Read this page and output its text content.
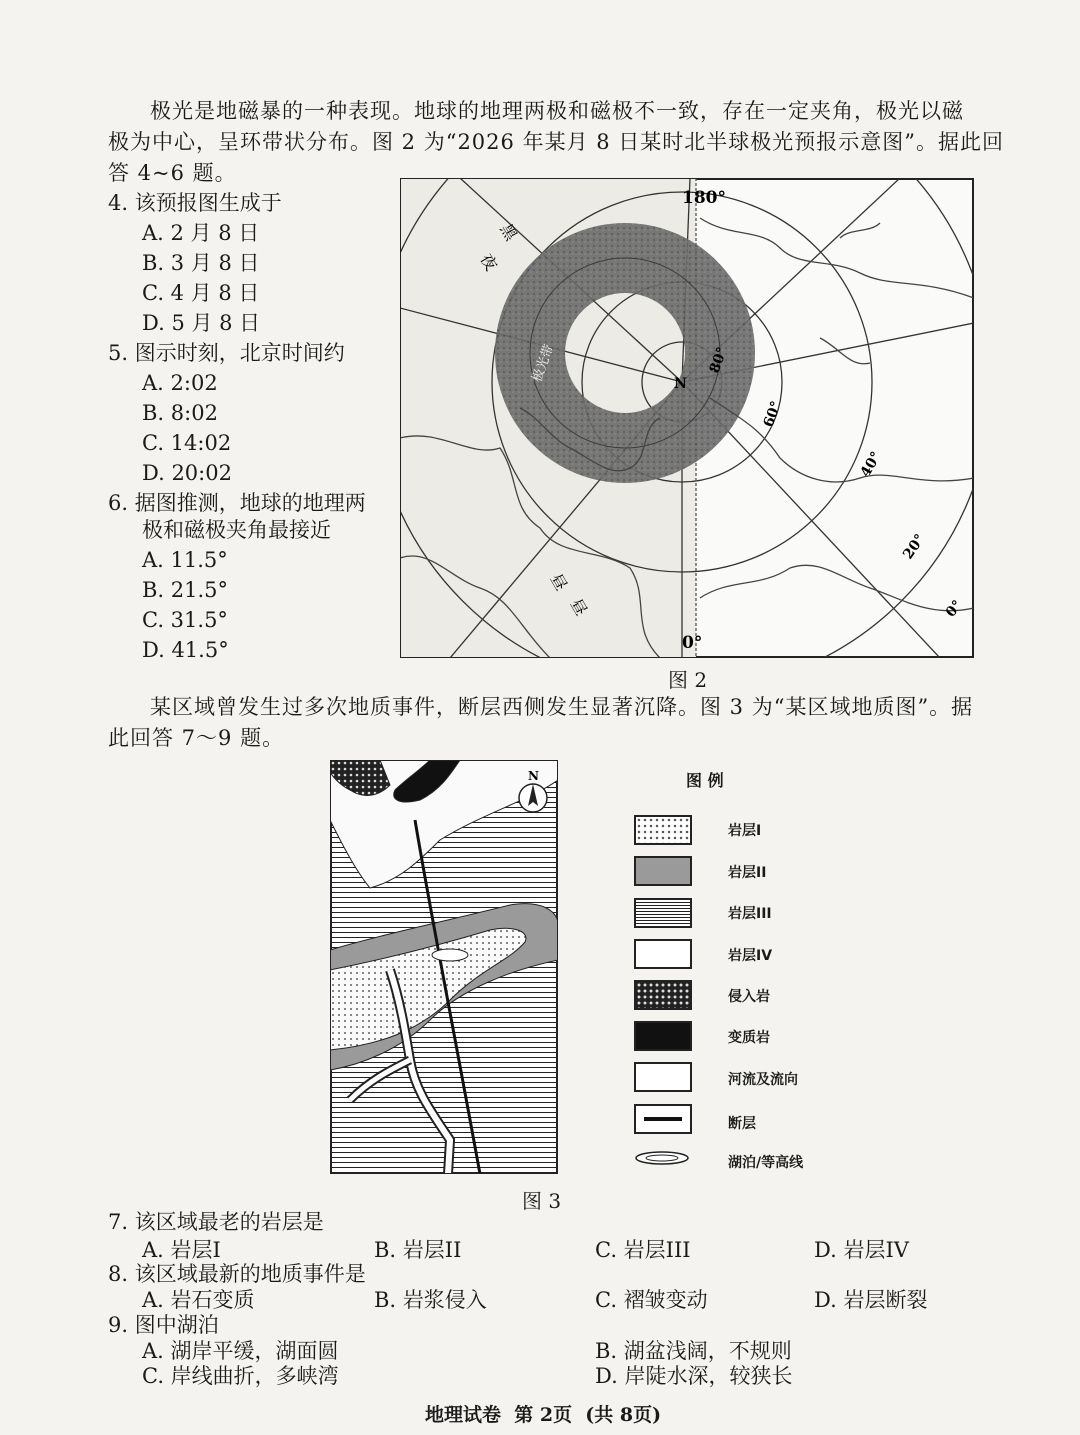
极光是地磁暴的一种表现。地球的地理两极和磁极不一致，存在一定夹角，极光以磁
极为中心，呈环带状分布。图 2 为“2026 年某月 8 日某时北半球极光预报示意图”。据此回
答 4~6 题。
4. 该预报图生成于
A. 2 月 8 日
B. 3 月 8 日
C. 4 月 8 日
D. 5 月 8 日
5. 图示时刻，北京时间约
A. 2:02
B. 8:02
C. 14:02
D. 20:02
6. 据图推测，地球的地理两
极和磁极夹角最接近
A. 11.5°
B. 21.5°
C. 31.5°
D. 41.5°
180°
0°
N
80°
60°
40°
20°
0°
夜
黑
昼
昼
极光带
图 2
某区域曾发生过多次地质事件，断层西侧发生显著沉降。图 3 为“某区域地质图”。据
此回答 7～9 题。
N	图 例
岩层I
岩层II
岩层III
岩层IV
侵入岩
变质岩
河流及流向
断层
湖泊/等高线
图 3
7. 该区域最老的岩层是
A. 岩层I	B. 岩层II	C. 岩层III	D. 岩层IV
8. 该区域最新的地质事件是
A. 岩石变质	B. 岩浆侵入	C. 褶皱变动	D. 岩层断裂
9. 图中湖泊
A. 湖岸平缓，湖面圆	B. 湖盆浅阔，不规则
C. 岸线曲折，多峡湾	D. 岸陡水深，较狭长
地理试卷  第 2页  (共 8页)
